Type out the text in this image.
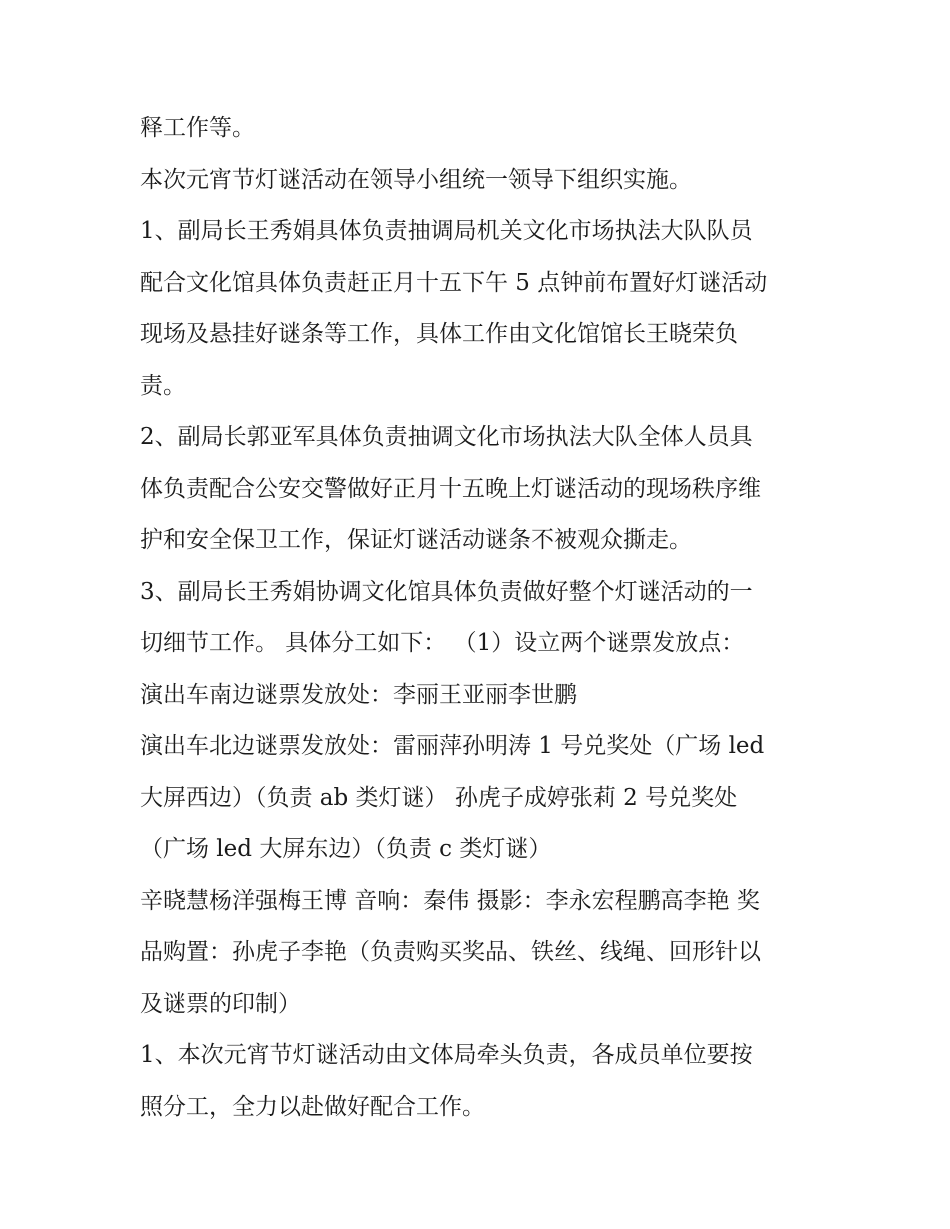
释工作等。
本次元宵节灯谜活动在领导小组统一领导下组织实施。
1、副局长王秀娟具体负责抽调局机关文化市场执法大队队员
配合文化馆具体负责赶正月十五下午 5 点钟前布置好灯谜活动
现场及悬挂好谜条等工作，具体工作由文化馆馆长王晓荣负
责。
2、副局长郭亚军具体负责抽调文化市场执法大队全体人员具
体负责配合公安交警做好正月十五晚上灯谜活动的现场秩序维
护和安全保卫工作，保证灯谜活动谜条不被观众撕走。
3、副局长王秀娟协调文化馆具体负责做好整个灯谜活动的一
切细节工作。 具体分工如下： （1）设立两个谜票发放点：
演出车南边谜票发放处：李丽王亚丽李世鹏
演出车北边谜票发放处：雷丽萍孙明涛 1 号兑奖处（广场 led
大屏西边）（负责 ab 类灯谜） 孙虎子成婷张莉 2 号兑奖处
（广场 led 大屏东边）（负责 c 类灯谜）
辛晓慧杨洋强梅王博 音响：秦伟 摄影：李永宏程鹏高李艳 奖
品购置：孙虎子李艳（负责购买奖品、铁丝、线绳、回形针以
及谜票的印制）
1、本次元宵节灯谜活动由文体局牵头负责，各成员单位要按
照分工，全力以赴做好配合工作。
